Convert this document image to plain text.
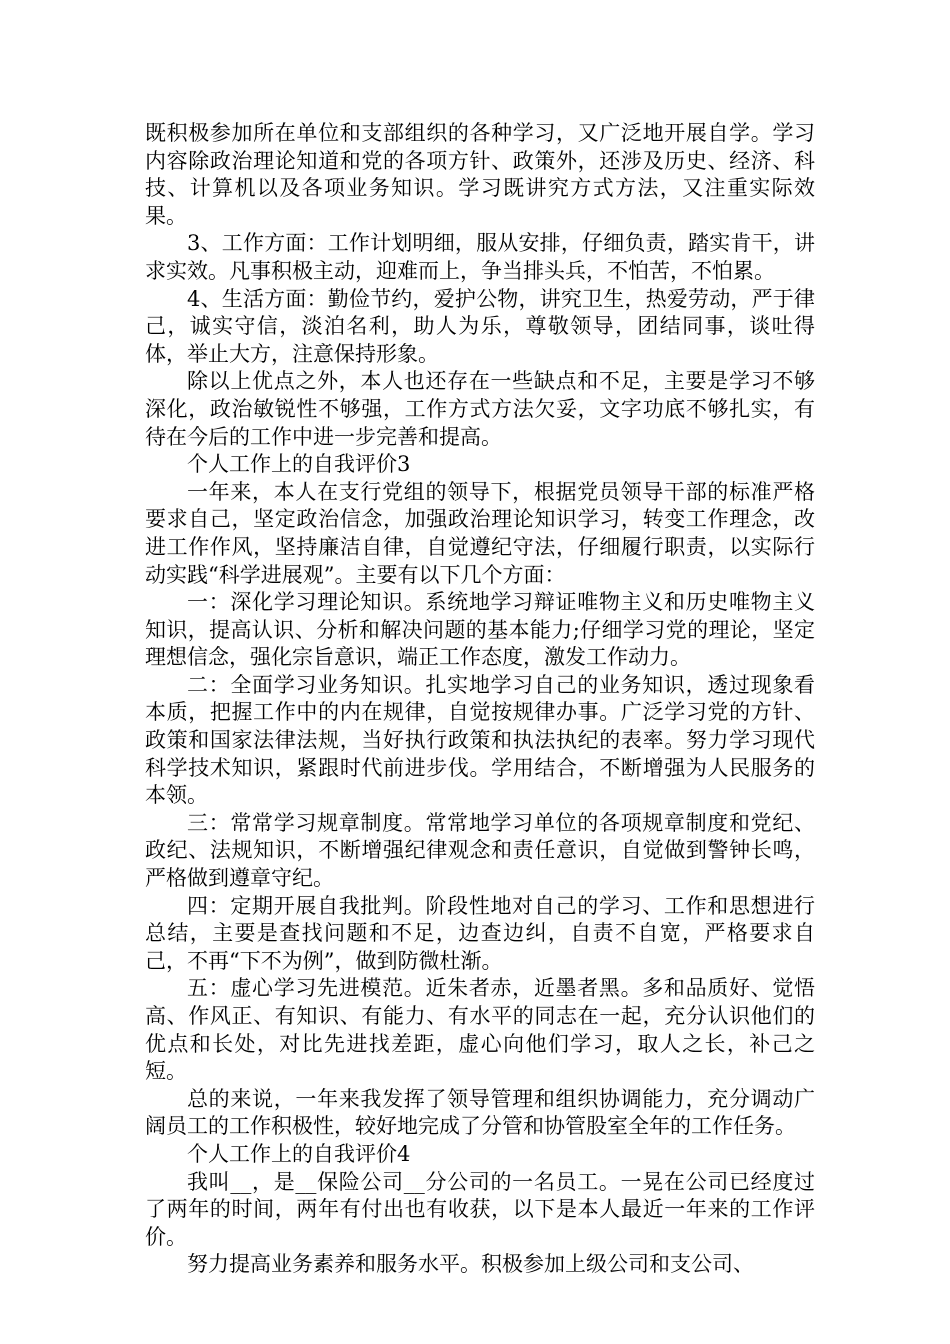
既积极参加所在单位和支部组织的各种学习，又广泛地开展自学。学习内容除政治理论知道和党的各项方针、政策外，还涉及历史、经济、科技、计算机以及各项业务知识。学习既讲究方式方法，又注重实际效果。

3、工作方面：工作计划明细，服从安排，仔细负责，踏实肯干，讲求实效。凡事积极主动，迎难而上，争当排头兵，不怕苦，不怕累。

4、生活方面：勤俭节约，爱护公物，讲究卫生，热爱劳动，严于律己，诚实守信，淡泊名利，助人为乐，尊敬领导，团结同事，谈吐得体，举止大方，注意保持形象。

除以上优点之外，本人也还存在一些缺点和不足，主要是学习不够深化，政治敏锐性不够强，工作方式方法欠妥，文字功底不够扎实，有待在今后的工作中进一步完善和提高。

个人工作上的自我评价3

一年来，本人在支行党组的领导下，根据党员领导干部的标准严格要求自己，坚定政治信念，加强政治理论知识学习，转变工作理念，改进工作作风，坚持廉洁自律，自觉遵纪守法，仔细履行职责，以实际行动实践“科学进展观”。主要有以下几个方面：

一：深化学习理论知识。系统地学习辩证唯物主义和历史唯物主义知识，提高认识、分析和解决问题的基本能力;仔细学习党的理论，坚定理想信念，强化宗旨意识，端正工作态度，激发工作动力。

二：全面学习业务知识。扎实地学习自己的业务知识，透过现象看本质，把握工作中的内在规律，自觉按规律办事。广泛学习党的方针、政策和国家法律法规，当好执行政策和执法执纪的表率。努力学习现代科学技术知识，紧跟时代前进步伐。学用结合，不断增强为人民服务的本领。

三：常常学习规章制度。常常地学习单位的各项规章制度和党纪、政纪、法规知识，不断增强纪律观念和责任意识，自觉做到警钟长鸣，严格做到遵章守纪。

四：定期开展自我批判。阶段性地对自己的学习、工作和思想进行总结，主要是查找问题和不足，边查边纠，自责不自宽，严格要求自己，不再“下不为例”，做到防微杜渐。

五：虚心学习先进模范。近朱者赤，近墨者黑。多和品质好、觉悟高、作风正、有知识、有能力、有水平的同志在一起，充分认识他们的优点和长处，对比先进找差距，虚心向他们学习，取人之长，补己之短。

总的来说，一年来我发挥了领导管理和组织协调能力，充分调动广阔员工的工作积极性，较好地完成了分管和协管股室全年的工作任务。

个人工作上的自我评价4

我叫__，是__保险公司__分公司的一名员工。一晃在公司已经度过了两年的时间，两年有付出也有收获，以下是本人最近一年来的工作评价。

努力提高业务素养和服务水平。积极参加上级公司和支公司、
